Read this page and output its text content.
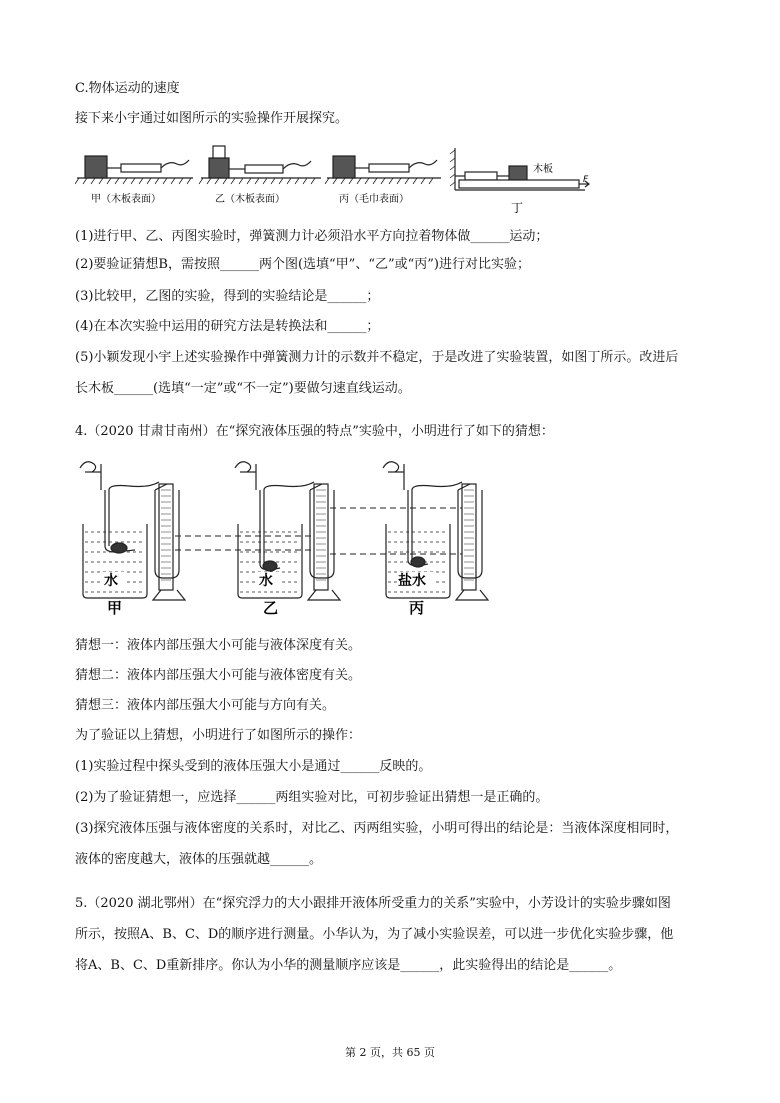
C.物体运动的速度
接下来小宇通过如图所示的实验操作开展探究。
甲（木板表面）	乙（木板表面）	丙（毛巾表面）
丁
木板
F
(1)进行甲、乙、丙图实验时，弹簧测力计必须沿水平方向拉着物体做______运动；
(2)要验证猜想B，需按照______两个图(选填“甲”、“乙”或“丙”)进行对比实验；
(3)比较甲，乙图的实验，得到的实验结论是______；
(4)在本次实验中运用的研究方法是转换法和______；
(5)小颖发现小宇上述实验操作中弹簧测力计的示数并不稳定，于是改进了实验装置，如图丁所示。改进后
长木板______(选填“一定”或“不一定”)要做匀速直线运动。
4.（2020 甘肃甘南州）在“探究液体压强的特点”实验中，小明进行了如下的猜想：
水	水	盐水
甲	乙	丙
猜想一：液体内部压强大小可能与液体深度有关。
猜想二：液体内部压强大小可能与液体密度有关。
猜想三：液体内部压强大小可能与方向有关。
为了验证以上猜想，小明进行了如图所示的操作：
(1)实验过程中探头受到的液体压强大小是通过______反映的。
(2)为了验证猜想一，应选择______两组实验对比，可初步验证出猜想一是正确的。
(3)探究液体压强与液体密度的关系时，对比乙、丙两组实验，小明可得出的结论是：当液体深度相同时，
液体的密度越大，液体的压强就越______。
5.（2020 湖北鄂州）在“探究浮力的大小跟排开液体所受重力的关系”实验中，小芳设计的实验步骤如图
所示，按照A、B、C、D的顺序进行测量。小华认为，为了减小实验误差，可以进一步优化实验步骤，他
将A、B、C、D重新排序。你认为小华的测量顺序应该是______，此实验得出的结论是______。
第 2 页，共 65 页
